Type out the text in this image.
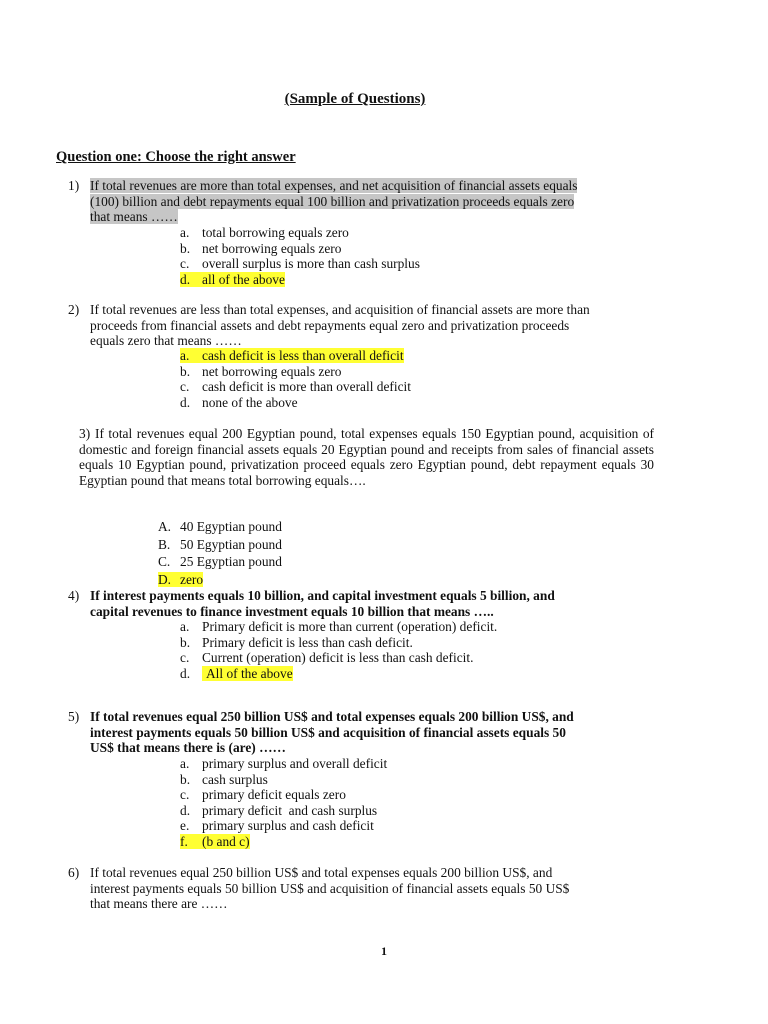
(Sample of Questions)
Question one: Choose the right answer
1) If total revenues are more than total expenses, and net acquisition of financial assets equals
(100) billion and debt repayments equal 100 billion and privatization proceeds equals zero
that means ……
a. total borrowing equals zero
b. net borrowing equals zero
c. overall surplus is more than cash surplus
d. all of the above
2) If total revenues are less than total expenses, and acquisition of financial assets are more than
proceeds from financial assets and debt repayments equal zero and privatization proceeds
equals zero that means ……
a. cash deficit is less than overall deficit
b. net borrowing equals zero
c. cash deficit is more than overall deficit
d. none of the above
3) If total revenues equal 200 Egyptian pound, total expenses equals 150 Egyptian pound, acquisition of domestic and foreign financial assets equals 20 Egyptian pound and receipts from sales of financial assets equals 10 Egyptian pound, privatization proceed equals zero Egyptian pound, debt repayment equals 30 Egyptian pound that means total borrowing equals….
A. 40 Egyptian pound
B. 50 Egyptian pound
C. 25 Egyptian pound
D. zero
4) If interest payments equals 10 billion, and capital investment equals 5 billion, and
capital revenues to finance investment equals 10 billion that means …..
a. Primary deficit is more than current (operation) deficit.
b. Primary deficit is less than cash deficit.
c. Current (operation) deficit is less than cash deficit.
d. All of the above
5) If total revenues equal 250 billion US$ and total expenses equals 200 billion US$, and
interest payments equals 50 billion US$ and acquisition of financial assets equals 50
US$ that means there is (are) ……
a. primary surplus and overall deficit
b. cash surplus
c. primary deficit equals zero
d. primary deficit  and cash surplus
e. primary surplus and cash deficit
f. (b and c)
6) If total revenues equal 250 billion US$ and total expenses equals 200 billion US$, and
interest payments equals 50 billion US$ and acquisition of financial assets equals 50 US$
that means there are ……
1
